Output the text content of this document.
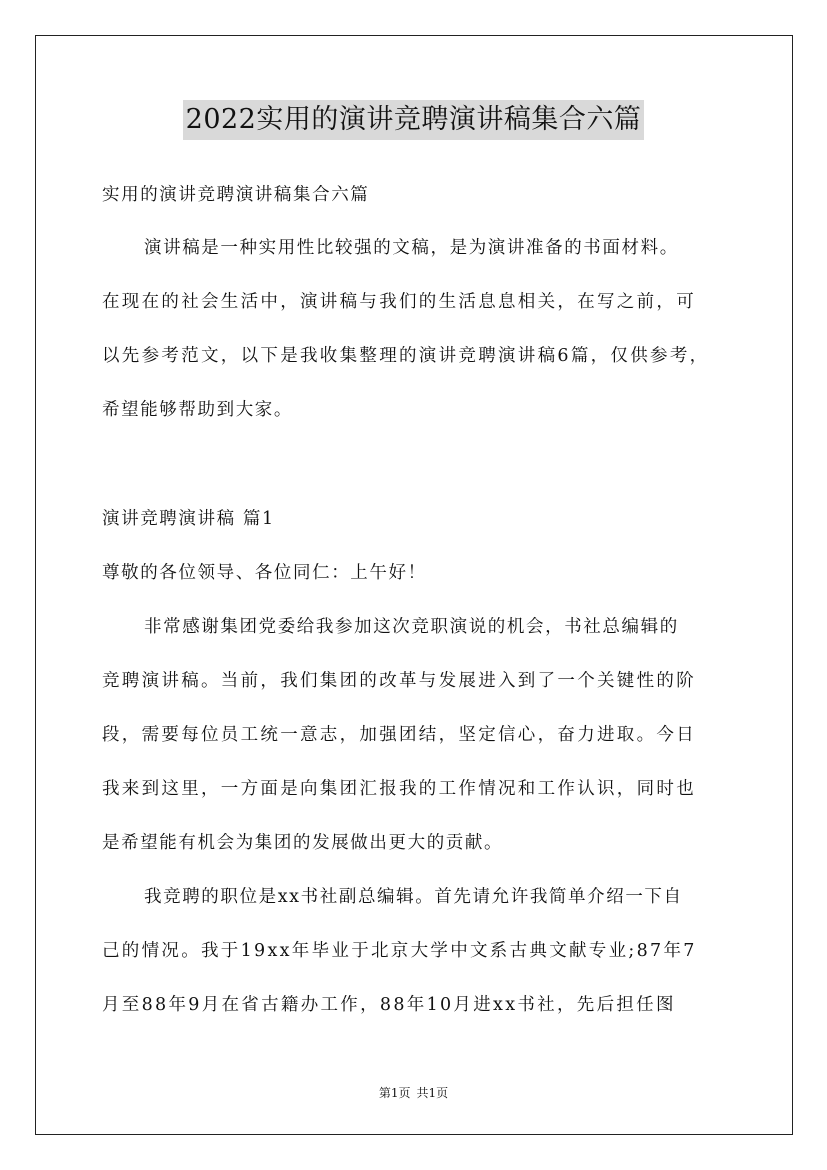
2022实用的演讲竞聘演讲稿集合六篇
实用的演讲竞聘演讲稿集合六篇
演讲稿是一种实用性比较强的文稿，是为演讲准备的书面材料。
在现在的社会生活中，演讲稿与我们的生活息息相关，在写之前，可
以先参考范文，以下是我收集整理的演讲竞聘演讲稿6篇，仅供参考，
希望能够帮助到大家。
演讲竞聘演讲稿 篇1
尊敬的各位领导、各位同仁：上午好！
非常感谢集团党委给我参加这次竞职演说的机会，书社总编辑的
竞聘演讲稿。当前，我们集团的改革与发展进入到了一个关键性的阶
段，需要每位员工统一意志，加强团结，坚定信心，奋力进取。今日
我来到这里，一方面是向集团汇报我的工作情况和工作认识，同时也
是希望能有机会为集团的发展做出更大的贡献。
我竞聘的职位是xx书社副总编辑。首先请允许我简单介绍一下自
己的情况。我于19xx年毕业于北京大学中文系古典文献专业;87年7
月至88年9月在省古籍办工作，88年10月进xx书社，先后担任图
第1页 共1页
